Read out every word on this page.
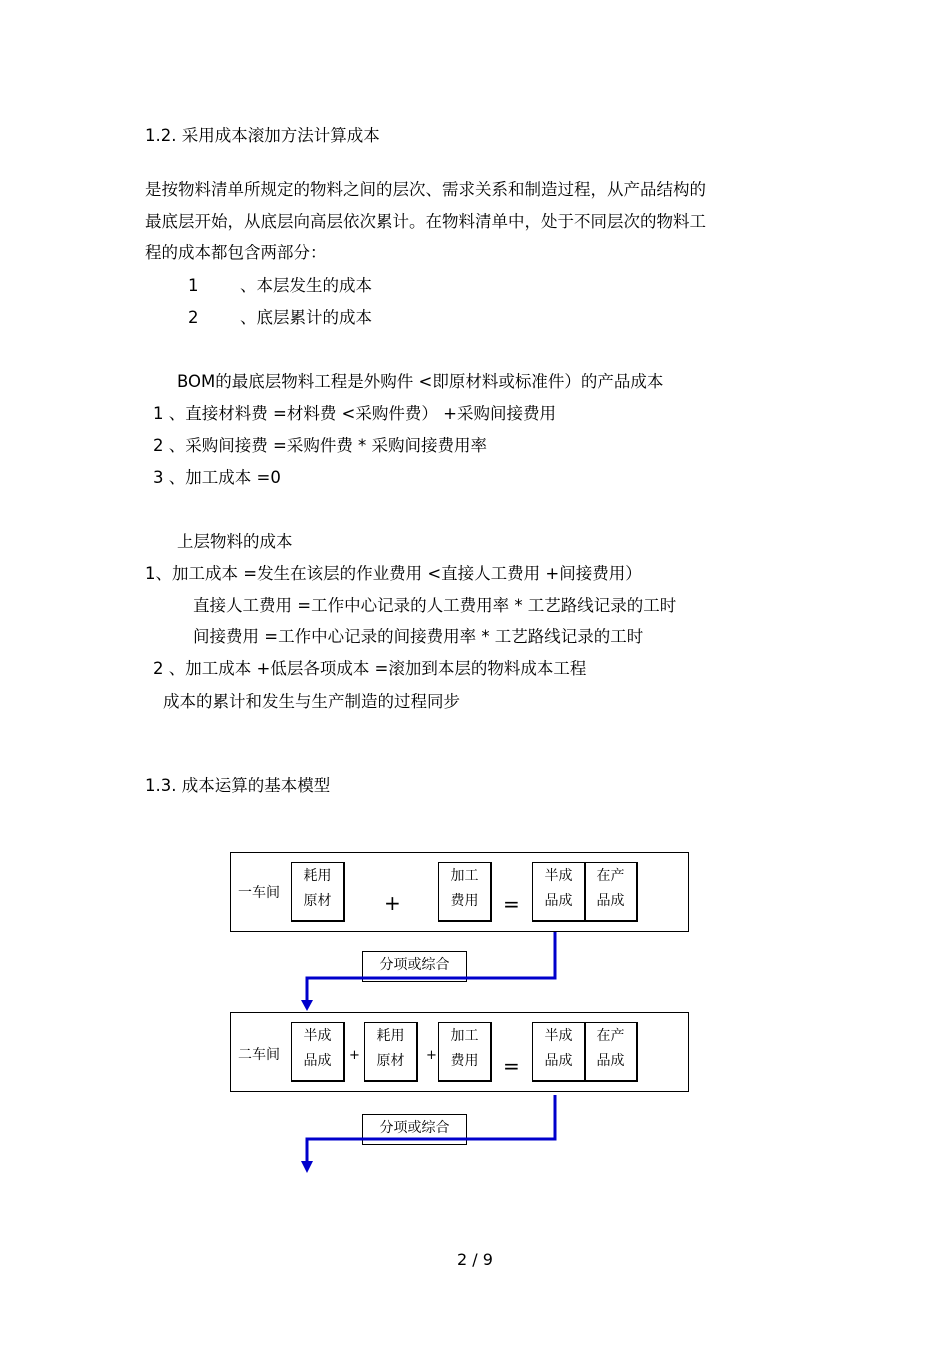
1.2. 采用成本滚加方法计算成本
是按物料清单所规定的物料之间的层次、需求关系和制造过程，从产品结构的
最底层开始，从底层向高层依次累计。在物料清单中，处于不同层次的物料工
程的成本都包含两部分：
1	、本层发生的成本
2	、底层累计的成本
BOM的最底层物料工程是外购件 <即原材料或标准件）的产品成本
1 、直接材料费 =材料费 <采购件费） +采购间接费用
2 、采购间接费 =采购件费 * 采购间接费用率
3 、加工成本 =0
上层物料的成本
1、加工成本 =发生在该层的作业费用 <直接人工费用 +间接费用）
直接人工费用 =工作中心记录的人工费用率 * 工艺路线记录的工时
间接费用 =工作中心记录的间接费用率 * 工艺路线记录的工时
2 、加工成本 +低层各项成本 =滚加到本层的物料成本工程
成本的累计和发生与生产制造的过程同步
1.3. 成本运算的基本模型
一车间
耗用
原材	+
加工
费用	=
半成
品成
在产
品成
分项或综合
二车间
半成
品成	+
耗用
原材	+
加工
费用	=
半成
品成
在产
品成
分项或综合
2 / 9
